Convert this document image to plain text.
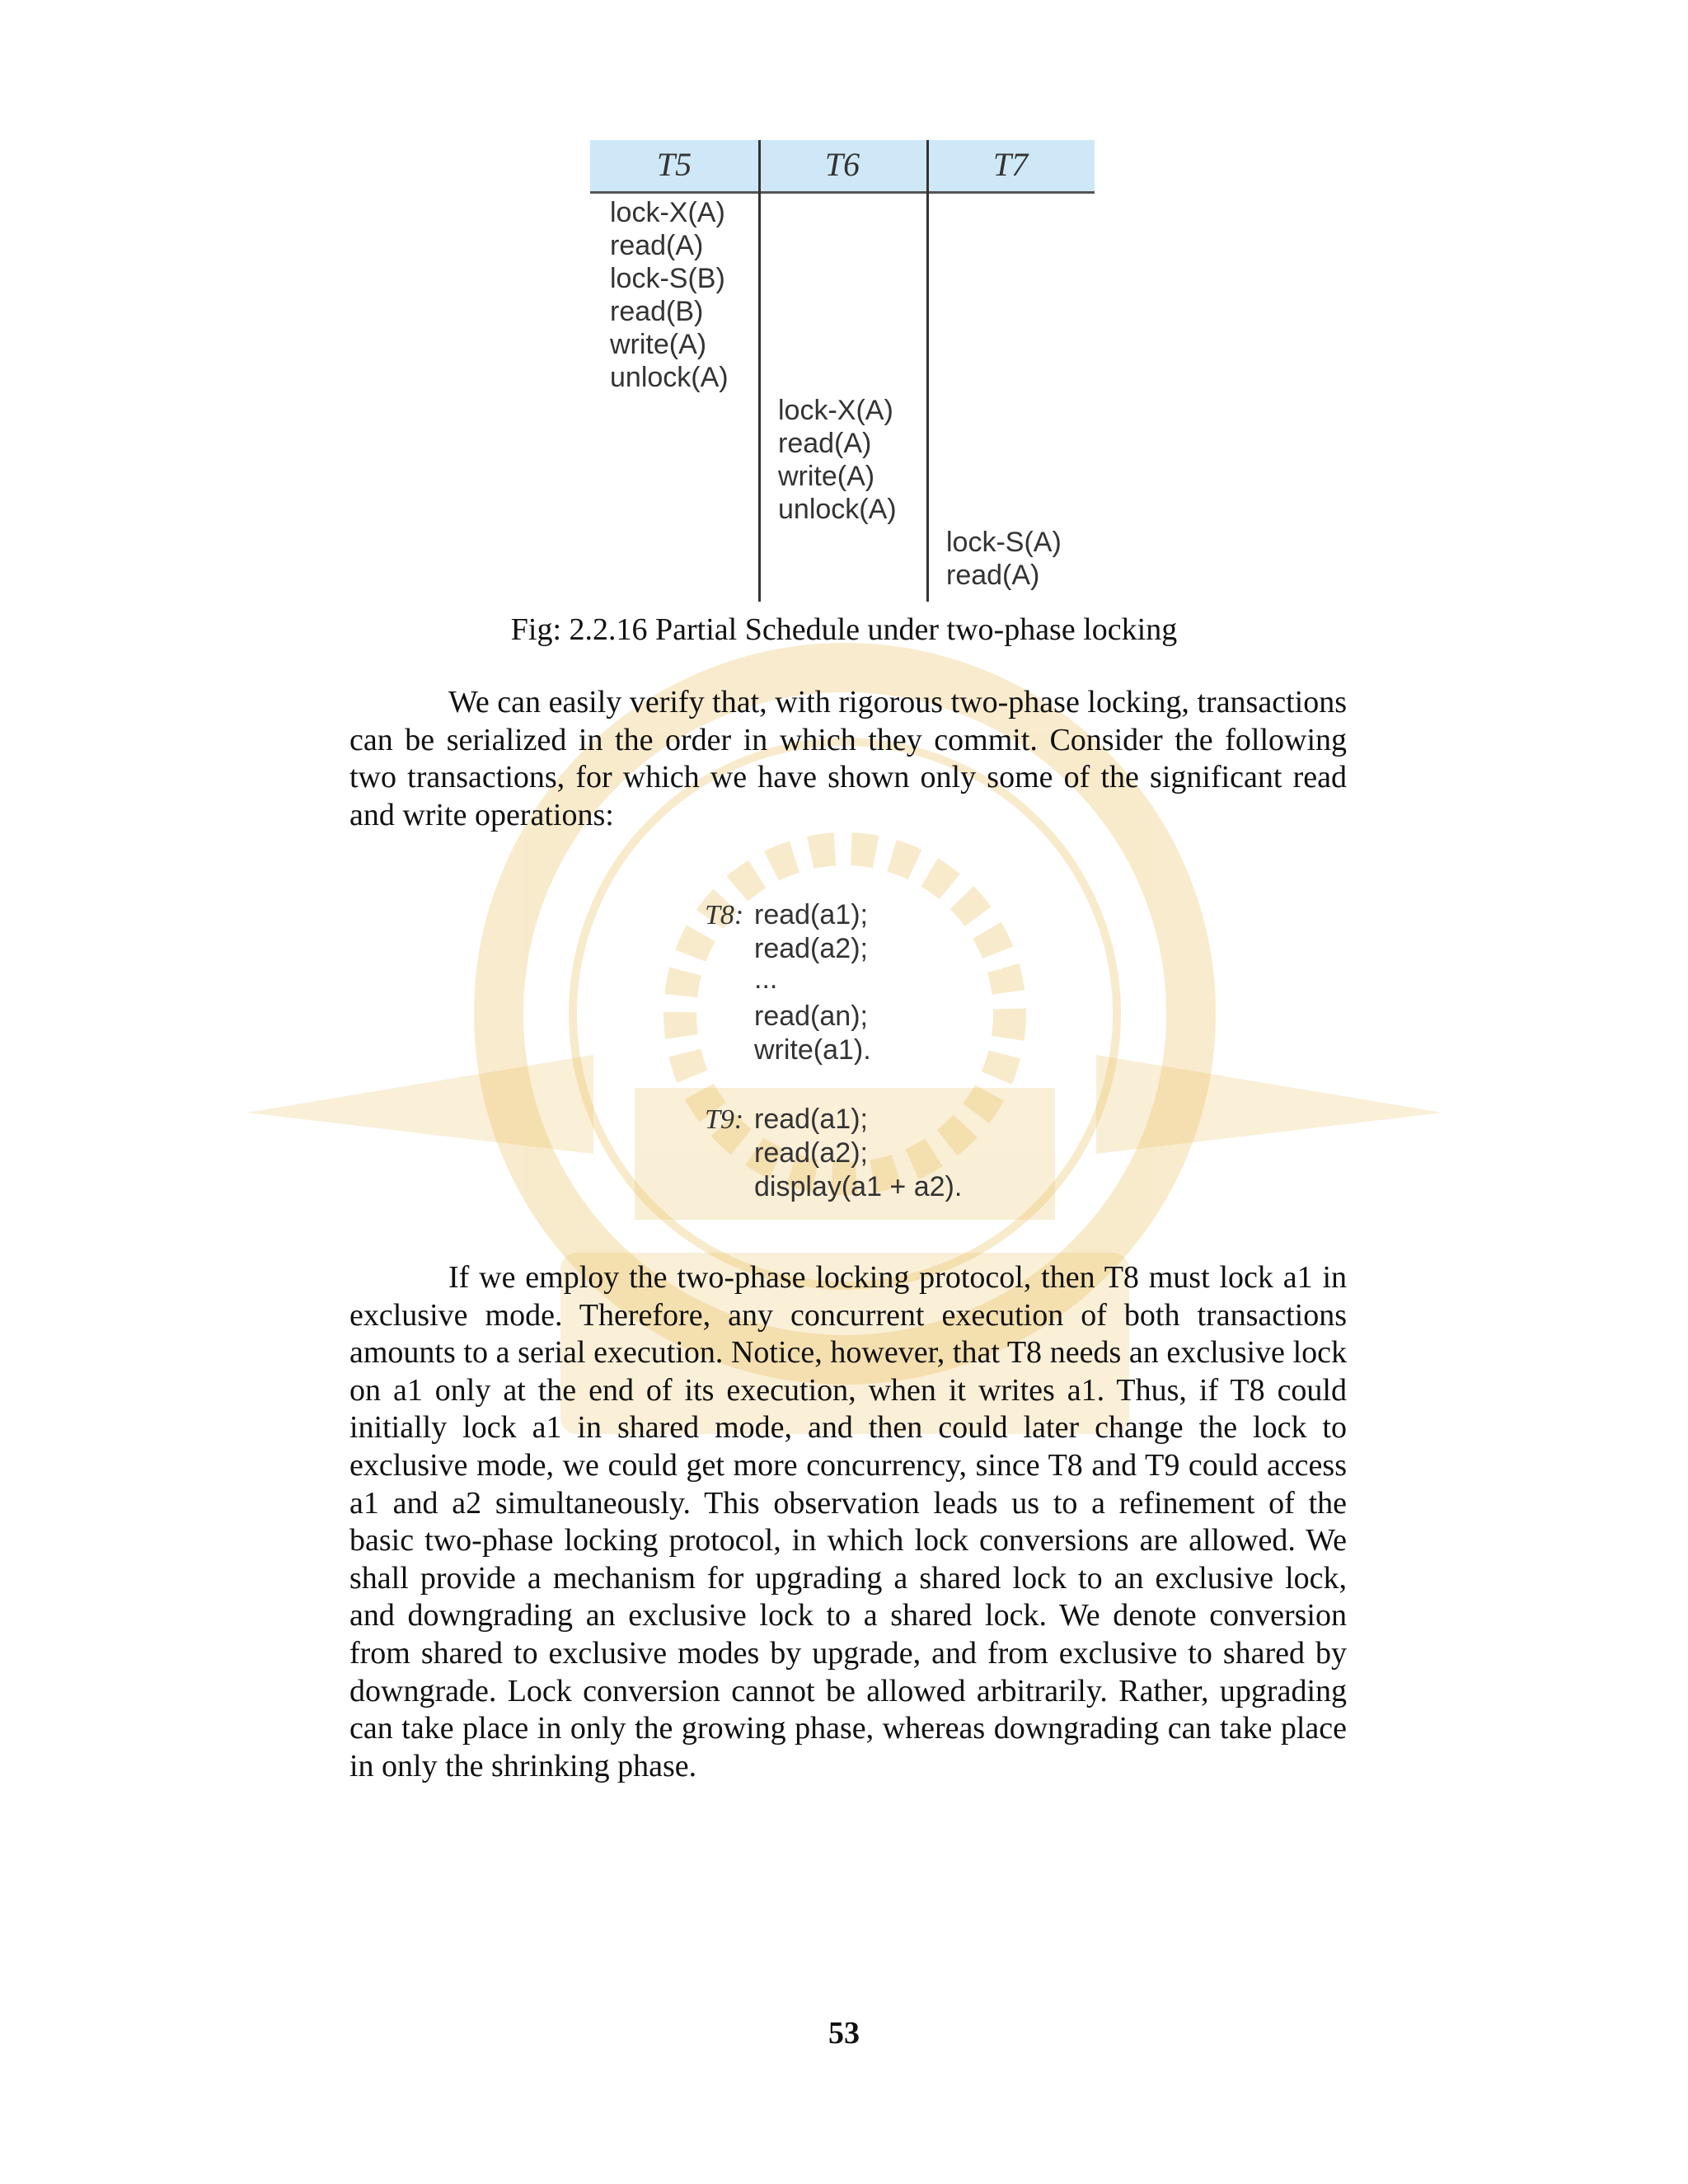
T5	T6	T7
lock-X(A)
read(A)
lock-S(B)
read(B)
write(A)
unlock(A)
lock-X(A)
read(A)
write(A)
unlock(A)
lock-S(A)
read(A)
Fig: 2.2.16 Partial Schedule under two-phase locking

We can easily verify that, with rigorous two-phase locking, transactions can be serialized in the order in which they commit. Consider the following two transactions, for which we have shown only some of the significant read and write operations:

T8: read(a1);
read(a2);
...
read(an);
write(a1).
T9: read(a1);
read(a2);
display(a1 + a2).

If we employ the two-phase locking protocol, then T8 must lock a1 in exclusive mode. Therefore, any concurrent execution of both transactions amounts to a serial execution. Notice, however, that T8 needs an exclusive lock on a1 only at the end of its execution, when it writes a1. Thus, if T8 could initially lock a1 in shared mode, and then could later change the lock to exclusive mode, we could get more concurrency, since T8 and T9 could access a1 and a2 simultaneously. This observation leads us to a refinement of the basic two-phase locking protocol, in which lock conversions are allowed. We shall provide a mechanism for upgrading a shared lock to an exclusive lock, and downgrading an exclusive lock to a shared lock. We denote conversion from shared to exclusive modes by upgrade, and from exclusive to shared by downgrade. Lock conversion cannot be allowed arbitrarily. Rather, upgrading can take place in only the growing phase, whereas downgrading can take place in only the shrinking phase.

53
